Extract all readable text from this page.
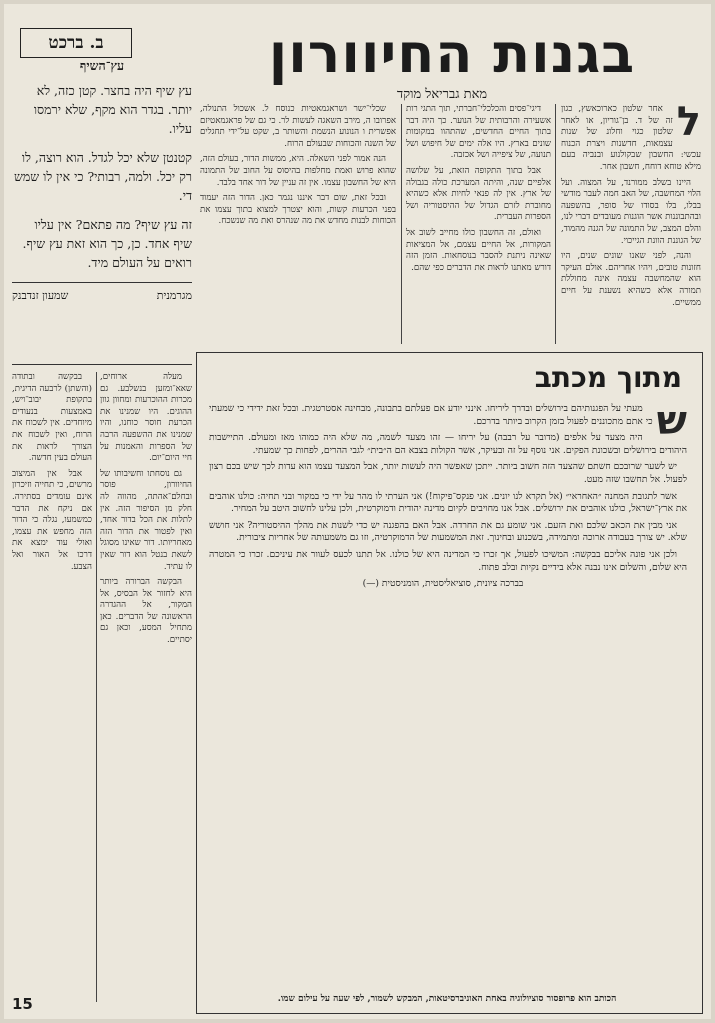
ב. ברכט	בגנות החיוורון
מאת גבריאל מוקד
ל

אחר שלטון כארוכאשץ, כגון זה של ד. בן־גוריון, או לאחר שלטון כגוי וחלונ של שנות עצמאות, חדשנות ויצרת הכנוח עכשי: החשבון שבקולנוע ובנביה בעם מילא טוחא דוחח, חשבון אחר.

היינו בשלב ממורנד, על המצוה. ועל הלוי המחשבה, של האב חמה לעבר מודשי בבלו, בלו בסודו של סופר, בהשפעה ובהתבוננות אשר הוגנות מעובדים דברי לנו, והלם המצב, של התמונה של הגנה מהמוד, של הגוננת הוונת הגייכוי.

והנה, לפני שאנו שונים שנים, היו חזונות טובים, ויהיו אחריהם. אולם העיקר הוא שהמחשבה עצמה אינה מחוללת תמורה אלא כשהיא נשענת על חיים ממשיים.

דיגי־פסים והכלכלי־חברתי, תוך התגי רות אשעירה והרבותית של הנוער. כך היה דבר בתוך החיים החדשים, שהתהוו במקומות שונים בארץ. היו אלה ימים של חיפוש ושל תנועה, של ציפייה ושל אכזבה.

אבל בתוך התקופה הזאת, על שלושה אלפיים שנה, והיתה המערכת כולה בגבולה של ארץ. אין לה פנאי לחיות אלא כשהיא מחוברת לזרם הגדול של ההיסטוריה ושל הספרות העברית.

ואולם, זה החשבון כולו מחייב לשוב אל המקורות, אל החיים עצמם, אל המציאות שאינה ניתנת להסבר בנוסחאות. הזמן הזה דורש מאתנו לראות את הדברים כפי שהם.

שכלי־ישר ושראגמאטיות כנוסח ל. אשכול התנולה, אפרובו ה, מירב השאגה לעשות לר. כי גם של פראגמאטיזם אפשרית ו הנונוע הנשמת והשותר ב, שקט על־ידי תחגלים של השנה והכוחות שבעולם הרוח.

הנה אמור לפני השאלה. היא, ממשות הדור, בעולם הזה, שהוא פרוש ואמת מחלפות בהיסוס על החוב של התמונה היא של החשבון עצמו. אין זה עניין של דור אחד בלבד.

ובכל זאת, שום דבר איננו נגמר כאן. הדור הזה יעמוד בפני הכרעות קשות, והוא יצטרך למצוא בתוך עצמו את הכוחות לבנות מחדש את מה שנהרס ואת מה שנשכח.

עץ־השיף

עץ שיף היה בחצר. קטן כזה, לא יותר. בגדר הוא מקף, שלא ירמסו עליו.

קטנטן שלא יכל לגדל. הוא רוצה, לו רק יכל. ולמה, רבותי? כי אין לו שמש די.

זה עץ שיף? מה פתאם? אין עליו שיף אחד. כן, כך הוא זאת עץ שיף. רואים על העולם מיד.

מגרמנית
שמעון זנדבנק

מעלה ארוחים, שאא־ומזען בנשלבע. גם מכרות ההוכרעות ומחוון גוון ההוגים. היו שמנינו את הכרעת חוסר כוחנו, והיו שמנינו את ההשפעה הרבה של הספרות והאמנות על חיי היום־יום.

גם נוסחתו וחשיבותו של החיוורון, פוסר ובחלם־אהתה, מהווה לה חלק מן הסיפור הזה. אין לתלות את הכל בדור אחד, ואין לפטור את הדור הזה מאחריותו. דור שאינו מסוגל לשאת בנטל הוא דור שאין לו עתיד.

הבקשה הברורה ביותר היא לחזור אל הבסיס, אל המקור, אל ההגדרה הראשונה של הדברים. כאן מתחיל המסע, וכאן גם יסתיים.

בבקשה ובתודה (והשתן) לרבעה הדיגית, בתקופת יבוב־ויש, באמצעות בנעודים מיוחדים. אין לשכוח את הרוח, ואין לשכוח את הצורך לראות את העולם בעין חדשה.

אבל אין המיצוב מרשים, כי תחייה וזיכרון אינם עומדים בסתירה. אם ניקח את הדבר כמשמעו, נגלה כי הדור הזה מחפש את עצמו, ואולי עוד ימצא את דרכו אל האור ואל הצבע.

מתוך מכתב
ש

מעתי על הפגנותיהם בירושלים ובדרך ליריחו. אינני יודע אם פעלתם בתבונה, מבחינה אסטרטגית. ובכל זאת ידידי כי שמעתי כי אתם מתכוננים לפעול בזמן הקרוב ביותר בדרכם.

היה מצעד על אלפים (מדובר על רבבה) על יריחו — זהו מצעד לשמה, מה שלא היה כמוהו מאז ומעולם. התיישבות היהודים בירושלים ובשכונת הפקים. אני נוסף על זה ובעיקר, אשר הקולות בצבא הם ה״בית״ לגבי ההרים, לפחות כך שמעתי.

יש לשער שרובכם חשתם שהצעד הזה חשוב ביותר. ייתכן שאפשר היה לעשות יותר, אבל המצעד עצמו הוא עדות לכך שיש בכם רצון לפעול. אל תחשבו שזה מעט.

אשר לתגובת המחנה ״האחראי״ (אל תקרא לנו יונים. אני פנקס־פיקוח!) אני הערתי לו מהר על ידי כי במקור ובני תחיה: כולנו אוהבים את ארץ־ישראל, כולנו אוהבים את ירושלים. אבל אנו מחויבים לקיום מדינה יהודית ודמוקרטית, ולכן עלינו לחשוב היטב על המחיר.

אני מבין את הכאב שלכם ואת הזעם. אני שומע גם את החרדה. אבל האם בהפגנה יש כדי לשנות את מהלך ההיסטוריה? אני חושש שלא. יש צורך בעבודה ארוכה ומתמידה, בשכנוע ובחינוך. זאת המשמעות של הדמוקרטיה, וזו גם משמעותה של אחריות ציבורית.

ולכן אני פונה אליכם בבקשה: המשיכו לפעול, אך זכרו כי המדינה היא של כולנו. אל תתנו לכעס לעוור את עיניכם. זכרו כי המטרה היא שלום, והשלום אינו נבנה אלא בידיים נקיות ובלב פתוח.

בברכה ציונית, סוציאליסטית, הומניסטית (—)

הכותב הוא פרופסור סוציולוגיה באחת האוניברסיטאות, המבקש לשמור, לפי שעה על עילום שמו.
15
